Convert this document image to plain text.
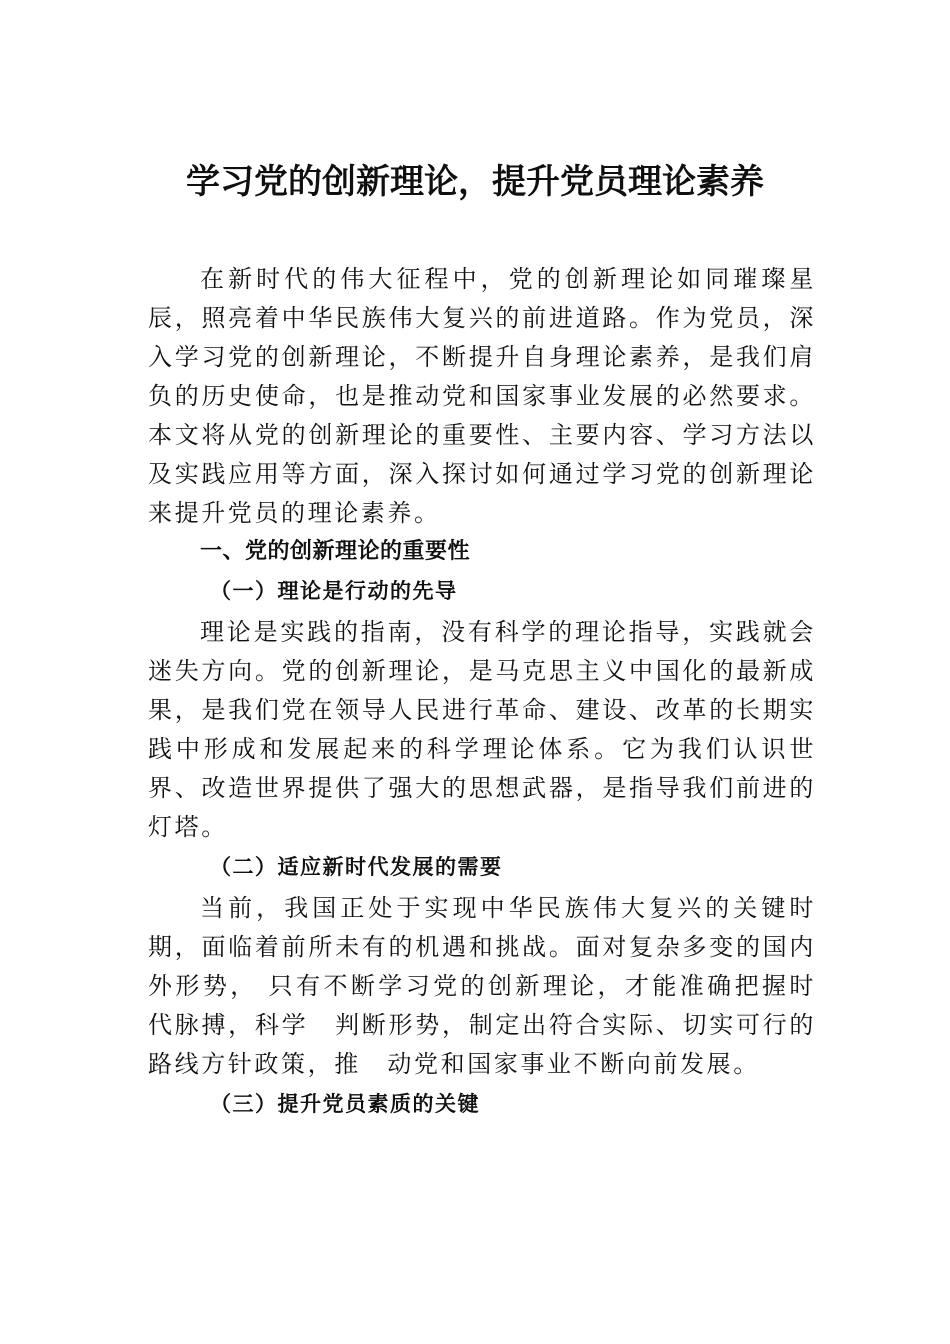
学习党的创新理论，提升党员理论素养

在新时代的伟大征程中，党的创新理论如同璀璨星辰，照亮着中华民族伟大复兴的前进道路。作为党员，深入学习党的创新理论，不断提升自身理论素养，是我们肩负的历史使命，也是推动党和国家事业发展的必然要求。本文将从党的创新理论的重要性、主要内容、学习方法以及实践应用等方面，深入探讨如何通过学习党的创新理论来提升党员的理论素养。

一、党的创新理论的重要性
（一）理论是行动的先导

理论是实践的指南，没有科学的理论指导，实践就会迷失方向。党的创新理论，是马克思主义中国化的最新成果，是我们党在领导人民进行革命、建设、改革的长期实践中形成和发展起来的科学理论体系。它为我们认识世界、改造世界提供了强大的思想武器，是指导我们前进的灯塔。

（二）适应新时代发展的需要

当前，我国正处于实现中华民族伟大复兴的关键时期，面临着前所未有的机遇和挑战。面对复杂多变的国内外形势， 只有不断学习党的创新理论，才能准确把握时代脉搏，科学　判断形势，制定出符合实际、切实可行的路线方针政策，推　动党和国家事业不断向前发展。

（三）提升党员素质的关键
